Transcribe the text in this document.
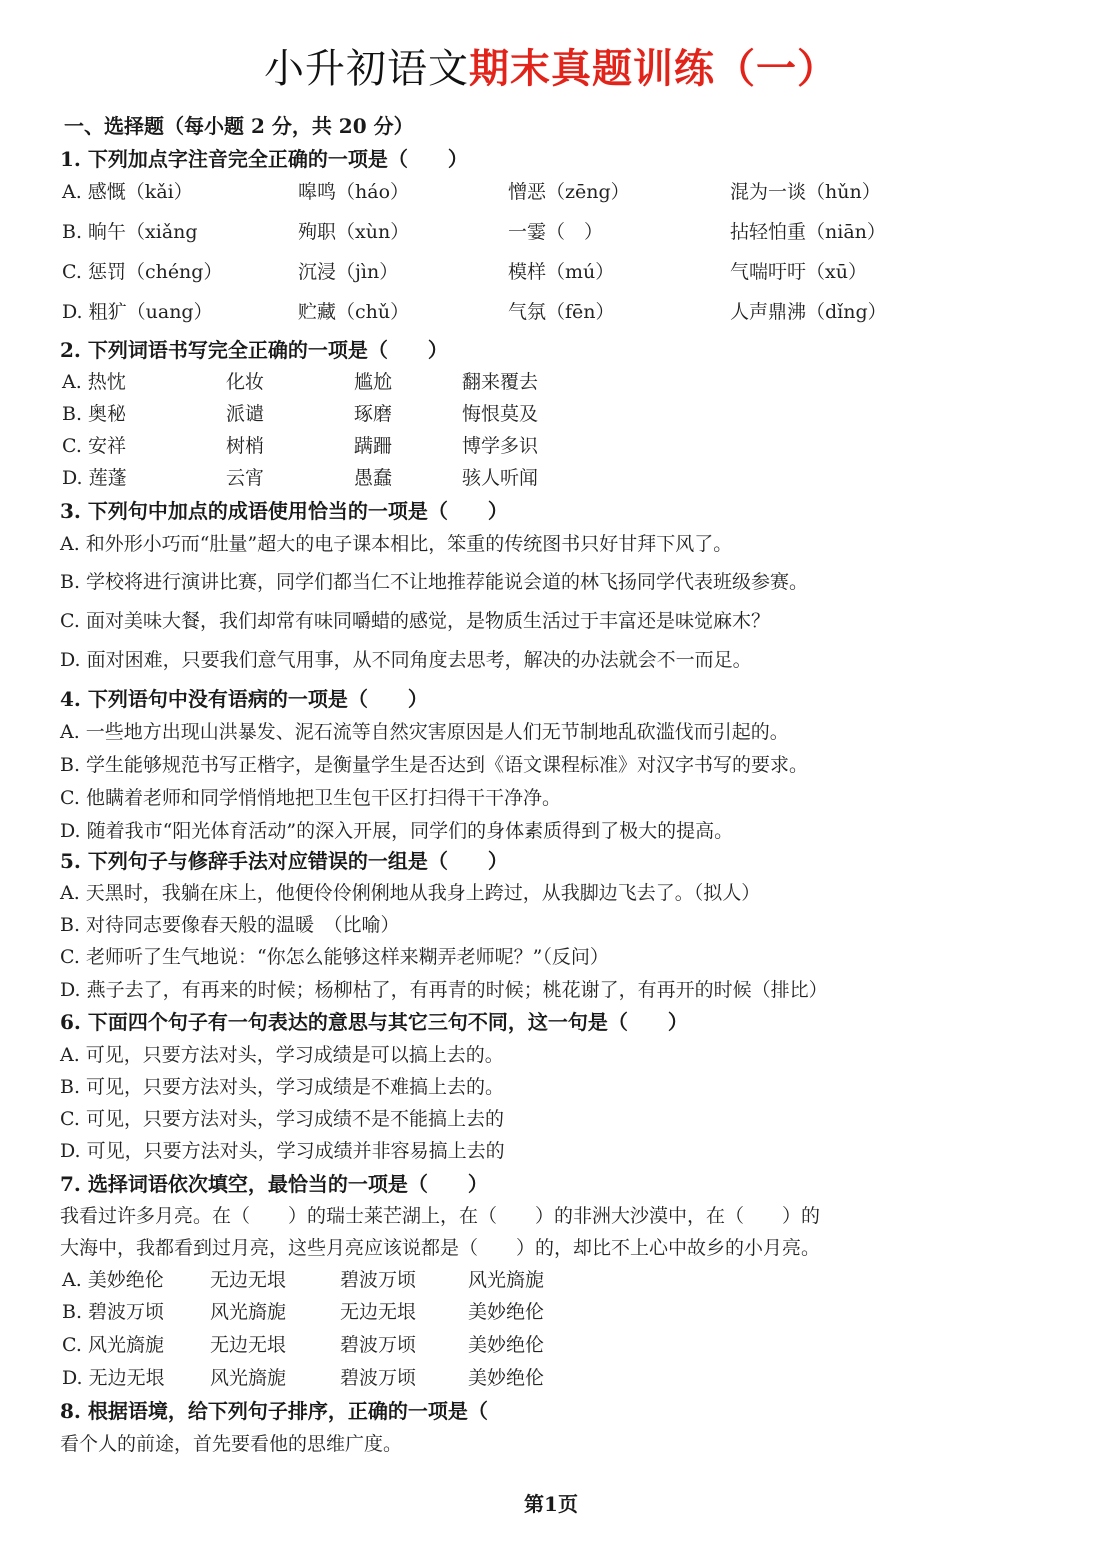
小升初语文期末真题训练（一）
一、选择题（每小题 2 分，共 20 分）
1. 下列加点字注音完全正确的一项是（　　）
A. 感慨（kǎi）	嗥鸣（háo）	憎恶（zēng）	混为一谈（hǔn）
B. 晌午（xiǎng	殉职（xùn）	一霎（　）	拈轻怕重（niān）
C. 惩罚（chéng）	沉浸（jìn）	模样（mú）	气喘吁吁（xū）
D. 粗犷（uang）	贮藏（chǔ）	气氛（fēn）	人声鼎沸（dǐng）
2. 下列词语书写完全正确的一项是（　　）
A. 热忱	化妆	尴尬	翻来覆去
B. 奥秘	派谴	琢磨	悔恨莫及
C. 安祥	树梢	蹒跚	博学多识
D. 莲蓬	云宵	愚蠢	骇人听闻
3. 下列句中加点的成语使用恰当的一项是（　　）
A. 和外形小巧而“肚量”超大的电子课本相比，笨重的传统图书只好甘拜下风了。
B. 学校将进行演讲比赛，同学们都当仁不让地推荐能说会道的林飞扬同学代表班级参赛。
C. 面对美味大餐，我们却常有味同嚼蜡的感觉，是物质生活过于丰富还是味觉麻木？
D. 面对困难，只要我们意气用事，从不同角度去思考，解决的办法就会不一而足。
4. 下列语句中没有语病的一项是（　　）
A. 一些地方出现山洪暴发、泥石流等自然灾害原因是人们无节制地乱砍滥伐而引起的。
B. 学生能够规范书写正楷字，是衡量学生是否达到《语文课程标准》对汉字书写的要求。
C. 他瞒着老师和同学悄悄地把卫生包干区打扫得干干净净。
D. 随着我市“阳光体育活动”的深入开展，同学们的身体素质得到了极大的提高。
5. 下列句子与修辞手法对应错误的一组是（　　）
A. 天黑时，我躺在床上，他便伶伶俐俐地从我身上跨过，从我脚边飞去了。（拟人）
B. 对待同志要像春天般的温暖　（比喻）
C. 老师听了生气地说：“你怎么能够这样来糊弄老师呢？”（反问）
D. 燕子去了，有再来的时候；杨柳枯了，有再青的时候；桃花谢了，有再开的时候（排比）
6. 下面四个句子有一句表达的意思与其它三句不同，这一句是（　　）
A. 可见，只要方法对头，学习成绩是可以搞上去的。
B. 可见，只要方法对头，学习成绩是不难搞上去的。
C. 可见，只要方法对头，学习成绩不是不能搞上去的
D. 可见，只要方法对头，学习成绩并非容易搞上去的
7. 选择词语依次填空，最恰当的一项是（　　）
我看过许多月亮。在（　　）的瑞士莱芒湖上，在（　　）的非洲大沙漠中，在（　　）的
大海中，我都看到过月亮，这些月亮应该说都是（　　）的，却比不上心中故乡的小月亮。
A. 美妙绝伦 无边无垠	碧波万顷	风光旖旎
B. 碧波万顷 风光旖旎	无边无垠	美妙绝伦
C. 风光旖旎 无边无垠	碧波万顷	美妙绝伦
D. 无边无垠 风光旖旎	碧波万顷	美妙绝伦
8. 根据语境，给下列句子排序，正确的一项是（
看个人的前途，首先要看他的思维广度。
第1页
